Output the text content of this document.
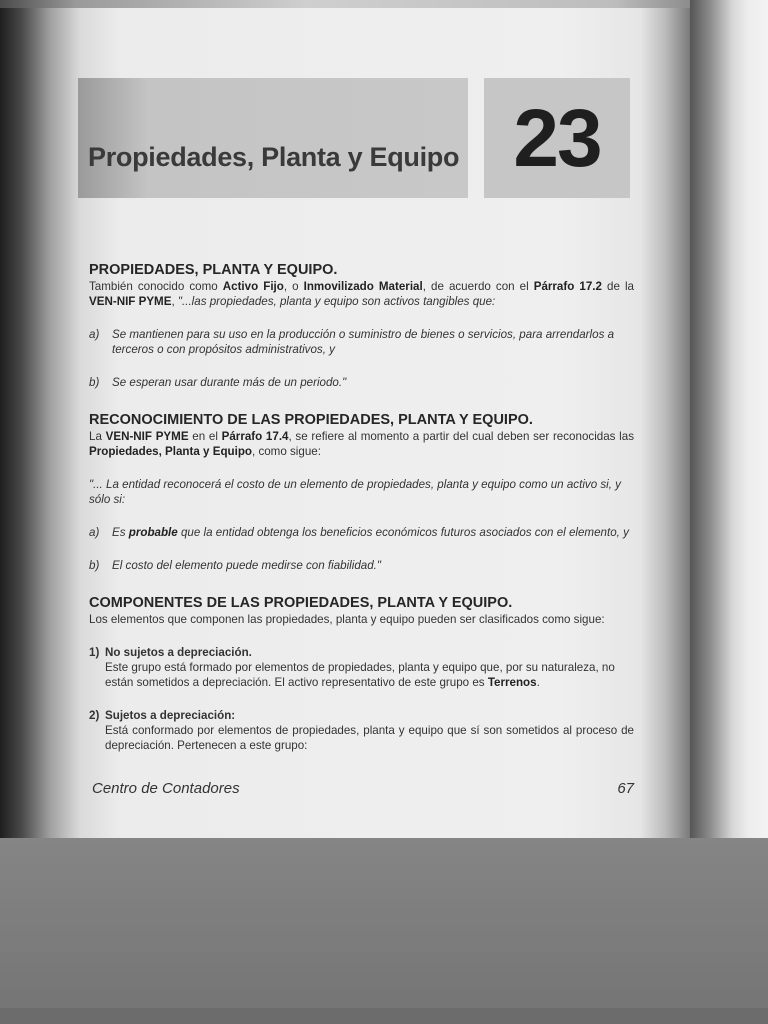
Propiedades, Planta y Equipo 23
PROPIEDADES, PLANTA Y EQUIPO.

También conocido como Activo Fijo, o Inmovilizado Material, de acuerdo con el Párrafo 17.2 de la VEN-NIF PYME, "...las propiedades, planta y equipo son activos tangibles que:

a) Se mantienen para su uso en la producción o suministro de bienes o servicios, para arrendarlos a terceros o con propósitos administrativos, y
b) Se esperan usar durante más de un periodo."
RECONOCIMIENTO DE LAS PROPIEDADES, PLANTA Y EQUIPO.

La VEN-NIF PYME en el Párrafo 17.4, se refiere al momento a partir del cual deben ser reconocidas las Propiedades, Planta y Equipo, como sigue:

"... La entidad reconocerá el costo de un elemento de propiedades, planta y equipo como un activo si, y sólo si:

a) Es probable que la entidad obtenga los beneficios económicos futuros asociados con el elemento, y
b) El costo del elemento puede medirse con fiabilidad."
COMPONENTES DE LAS PROPIEDADES, PLANTA Y EQUIPO.

Los elementos que componen las propiedades, planta y equipo pueden ser clasificados como sigue:

1) No sujetos a depreciación.
Este grupo está formado por elementos de propiedades, planta y equipo que, por su naturaleza, no están sometidos a depreciación. El activo representativo de este grupo es Terrenos.
2) Sujetos a depreciación:
Está conformado por elementos de propiedades, planta y equipo que sí son sometidos al proceso de depreciación. Pertenecen a este grupo:
Centro de Contadores	67
